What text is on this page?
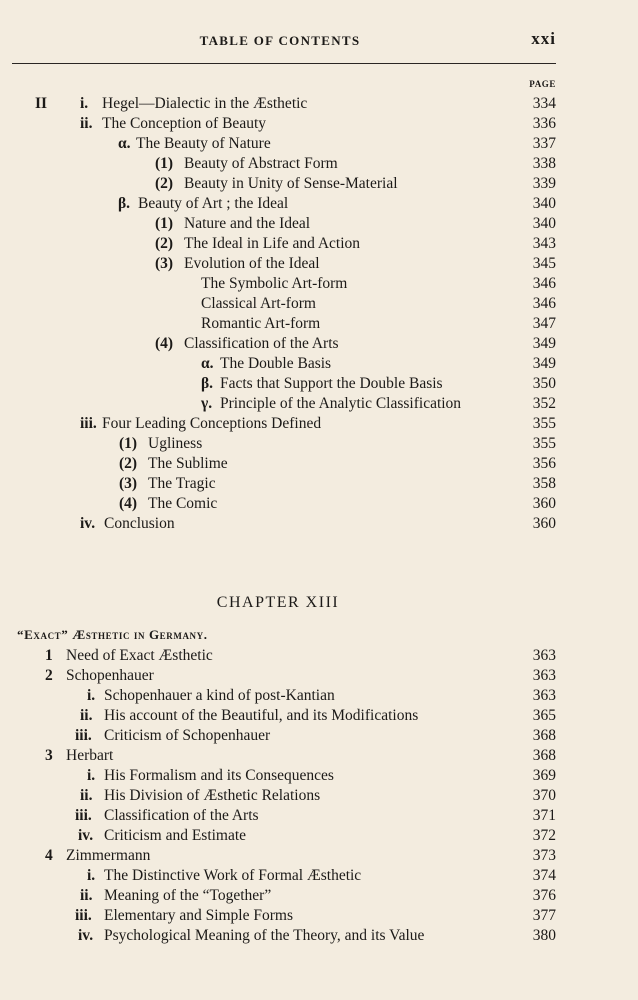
TABLE OF CONTENTS	xxi
PAGE
II i. Hegel—Dialectic in the Æsthetic	334
ii. The Conception of Beauty	336
α. The Beauty of Nature	337
(1) Beauty of Abstract Form	338
(2) Beauty in Unity of Sense-Material	339
β. Beauty of Art ; the Ideal	340
(1) Nature and the Ideal	340
(2) The Ideal in Life and Action	343
(3) Evolution of the Ideal	345
The Symbolic Art-form	346
Classical Art-form	346
Romantic Art-form	347
(4) Classification of the Arts	349
α. The Double Basis	349
β. Facts that Support the Double Basis	350
γ. Principle of the Analytic Classification	352
iii. Four Leading Conceptions Defined	355
(1) Ugliness	355
(2) The Sublime	356
(3) The Tragic	358
(4) The Comic	360
iv. Conclusion	360
CHAPTER XIII
“Exact” Æsthetic in Germany.
1 Need of Exact Æsthetic	363
2 Schopenhauer	363
i. Schopenhauer a kind of post-Kantian	363
ii. His account of the Beautiful, and its Modifications	365
iii. Criticism of Schopenhauer	368
3 Herbart	368
i. His Formalism and its Consequences	369
ii. His Division of Æsthetic Relations	370
iii. Classification of the Arts	371
iv. Criticism and Estimate	372
4 Zimmermann	373
i. The Distinctive Work of Formal Æsthetic	374
ii. Meaning of the “Together”	376
iii. Elementary and Simple Forms	377
iv. Psychological Meaning of the Theory, and its Value	380
